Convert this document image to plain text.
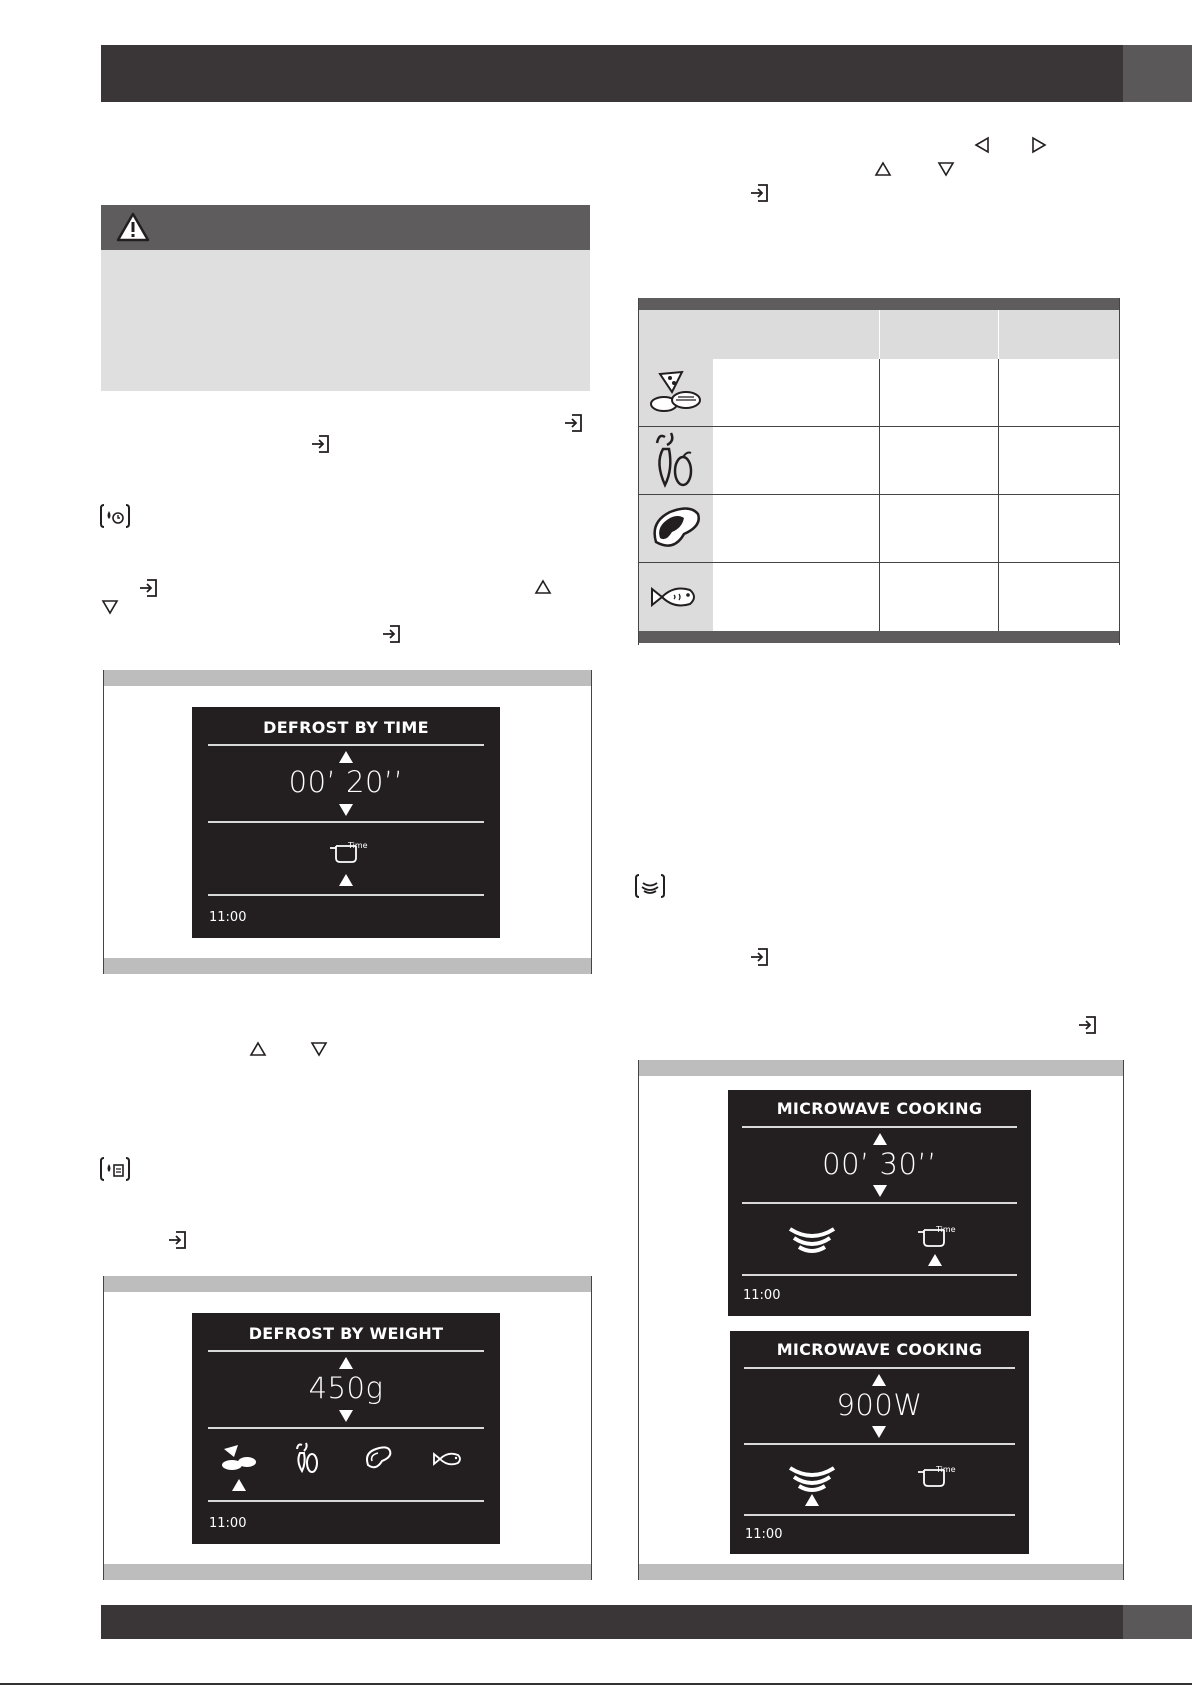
DEFROST BY TIME
00’ 20’’
Time
11:00
DEFROST BY WEIGHT
450g
11:00
MICROWAVE COOKING
00’ 30’’
Time
11:00
MICROWAVE COOKING
900W
Time
11:00
